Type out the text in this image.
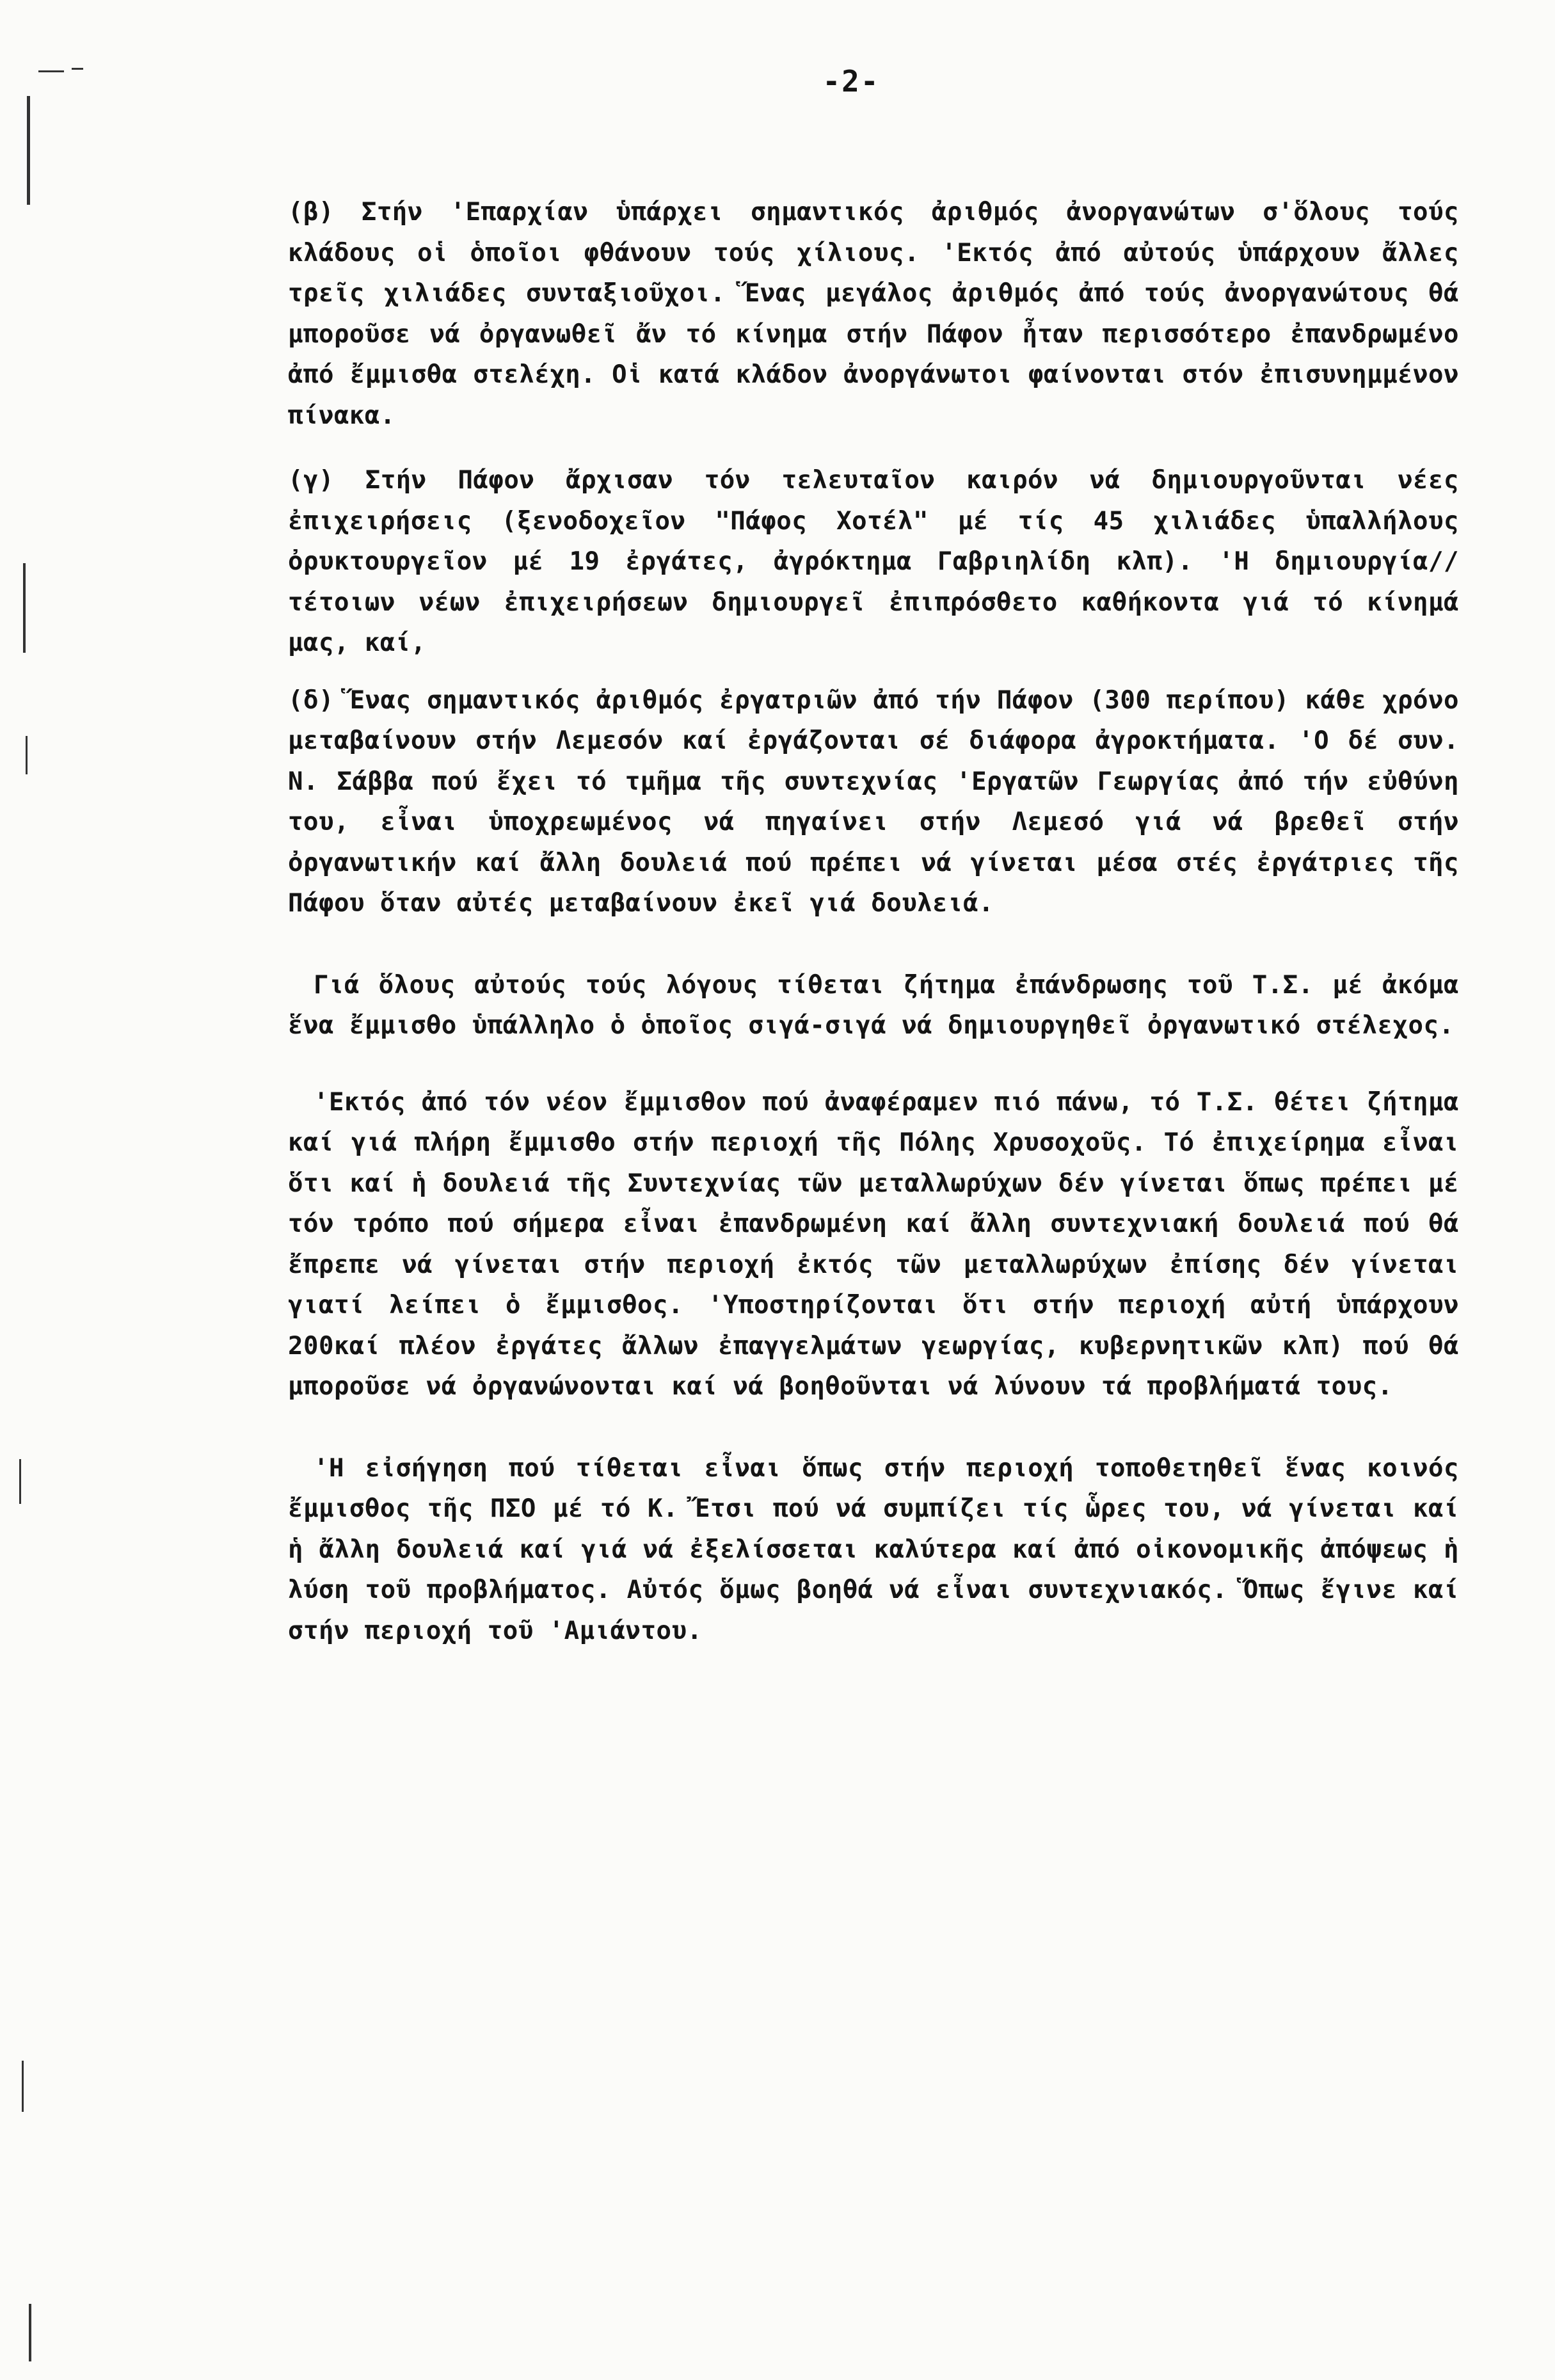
-2-

(β) Στήν 'Επαρχίαν ὑπάρχει σημαντικός ἀριθμός ἀνοργανώτων σ'ὅλους τούς κλάδους οἱ ὁποῖοι φθάνουν τούς χίλιους. 'Εκτός ἀπό αὐτούς ὑπάρχουν ἄλλες τρεῖς χιλιάδες συνταξιοῦχοι. Ἕνας μεγάλος ἀριθμός ἀπό τούς ἀνοργανώτους θά μποροῦσε νά ὀργανωθεῖ ἄν τό κίνημα στήν Πάφον ἦταν περισσότερο ἐπανδρωμένο ἀπό ἔμμισθα στελέχη. Οἱ κατά κλάδον ἀνοργάνωτοι φαίνονται στόν ἐπισυνημμένον πίνακα.

(γ) Στήν Πάφον ἄρχισαν τόν τελευταῖον καιρόν νά δημιουργοῦνται νέες ἐπιχειρήσεις (ξενοδοχεῖον "Πάφος Χοτέλ" μέ τίς 45 χιλιάδες ὑπαλλήλους ὀρυκτουργεῖον μέ 19 ἐργάτες, ἀγρόκτημα Γαβριηλίδη κλπ). 'Η δημιουργία// τέτοιων νέων ἐπιχειρήσεων δημιουργεῖ ἐπιπρόσθετο καθήκοντα γιά τό κίνημά μας, καί,

(δ) Ἕνας σημαντικός ἀριθμός ἐργατριῶν ἀπό τήν Πάφον (300 περίπου) κάθε χρόνο μεταβαίνουν στήν Λεμεσόν καί ἐργάζονται σέ διάφορα ἀγροκτήματα. 'Ο δέ συν. Ν. Σάββα πού ἔχει τό τμῆμα τῆς συντεχνίας 'Εργατῶν Γεωργίας ἀπό τήν εὐθύνη του, εἶναι ὑποχρεωμένος νά πηγαίνει στήν Λεμεσό γιά νά βρεθεῖ στήν ὀργανωτικήν καί ἄλλη δουλειά πού πρέπει νά γίνεται μέσα στές ἐργάτριες τῆς Πάφου ὅταν αὐτές μεταβαίνουν ἐκεῖ γιά δουλειά.

Γιά ὅλους αὐτούς τούς λόγους τίθεται ζήτημα ἐπάνδρωσης τοῦ Τ.Σ. μέ ἀκόμα ἕνα ἔμμισθο ὑπάλληλο ὁ ὁποῖος σιγά-σιγά νά δημιουργηθεῖ ὀργανωτικό στέλεχος.

'Εκτός ἀπό τόν νέον ἔμμισθον πού ἀναφέραμεν πιό πάνω, τό Τ.Σ. θέτει ζήτημα καί γιά πλήρη ἔμμισθο στήν περιοχή τῆς Πόλης Χρυσοχοῦς. Τό ἐπιχείρημα εἶναι ὅτι καί ἡ δουλειά τῆς Συντεχνίας τῶν μεταλλωρύχων δέν γίνεται ὅπως πρέπει μέ τόν τρόπο πού σήμερα εἶναι ἐπανδρωμένη καί ἄλλη συντεχνιακή δουλειά πού θά ἔπρεπε νά γίνεται στήν περιοχή ἐκτός τῶν μεταλλωρύχων ἐπίσης δέν γίνεται γιατί λείπει ὁ ἔμμισθος. 'Υποστηρίζονται ὅτι στήν περιοχή αὐτή ὑπάρχουν 200καί πλέον ἐργάτες ἄλλων ἐπαγγελμάτων γεωργίας, κυβερνητικῶν κλπ) πού θά μποροῦσε νά ὀργανώνονται καί νά βοηθοῦνται νά λύνουν τά προβλήματά τους.

'Η εἰσήγηση πού τίθεται εἶναι ὅπως στήν περιοχή τοποθετηθεῖ ἕνας κοινός ἔμμισθος τῆς ΠΣΟ μέ τό Κ. Ἔτσι πού νά συμπίζει τίς ὧρες του, νά γίνεται καί ἡ ἄλλη δουλειά καί γιά νά ἐξελίσσεται καλύτερα καί ἀπό οἰκονομικῆς ἀπόψεως ἡ λύση τοῦ προβλήματος. Αὐτός ὅμως βοηθά νά εἶναι συντεχνιακός. Ὅπως ἔγινε καί στήν περιοχή τοῦ 'Αμιάντου.
